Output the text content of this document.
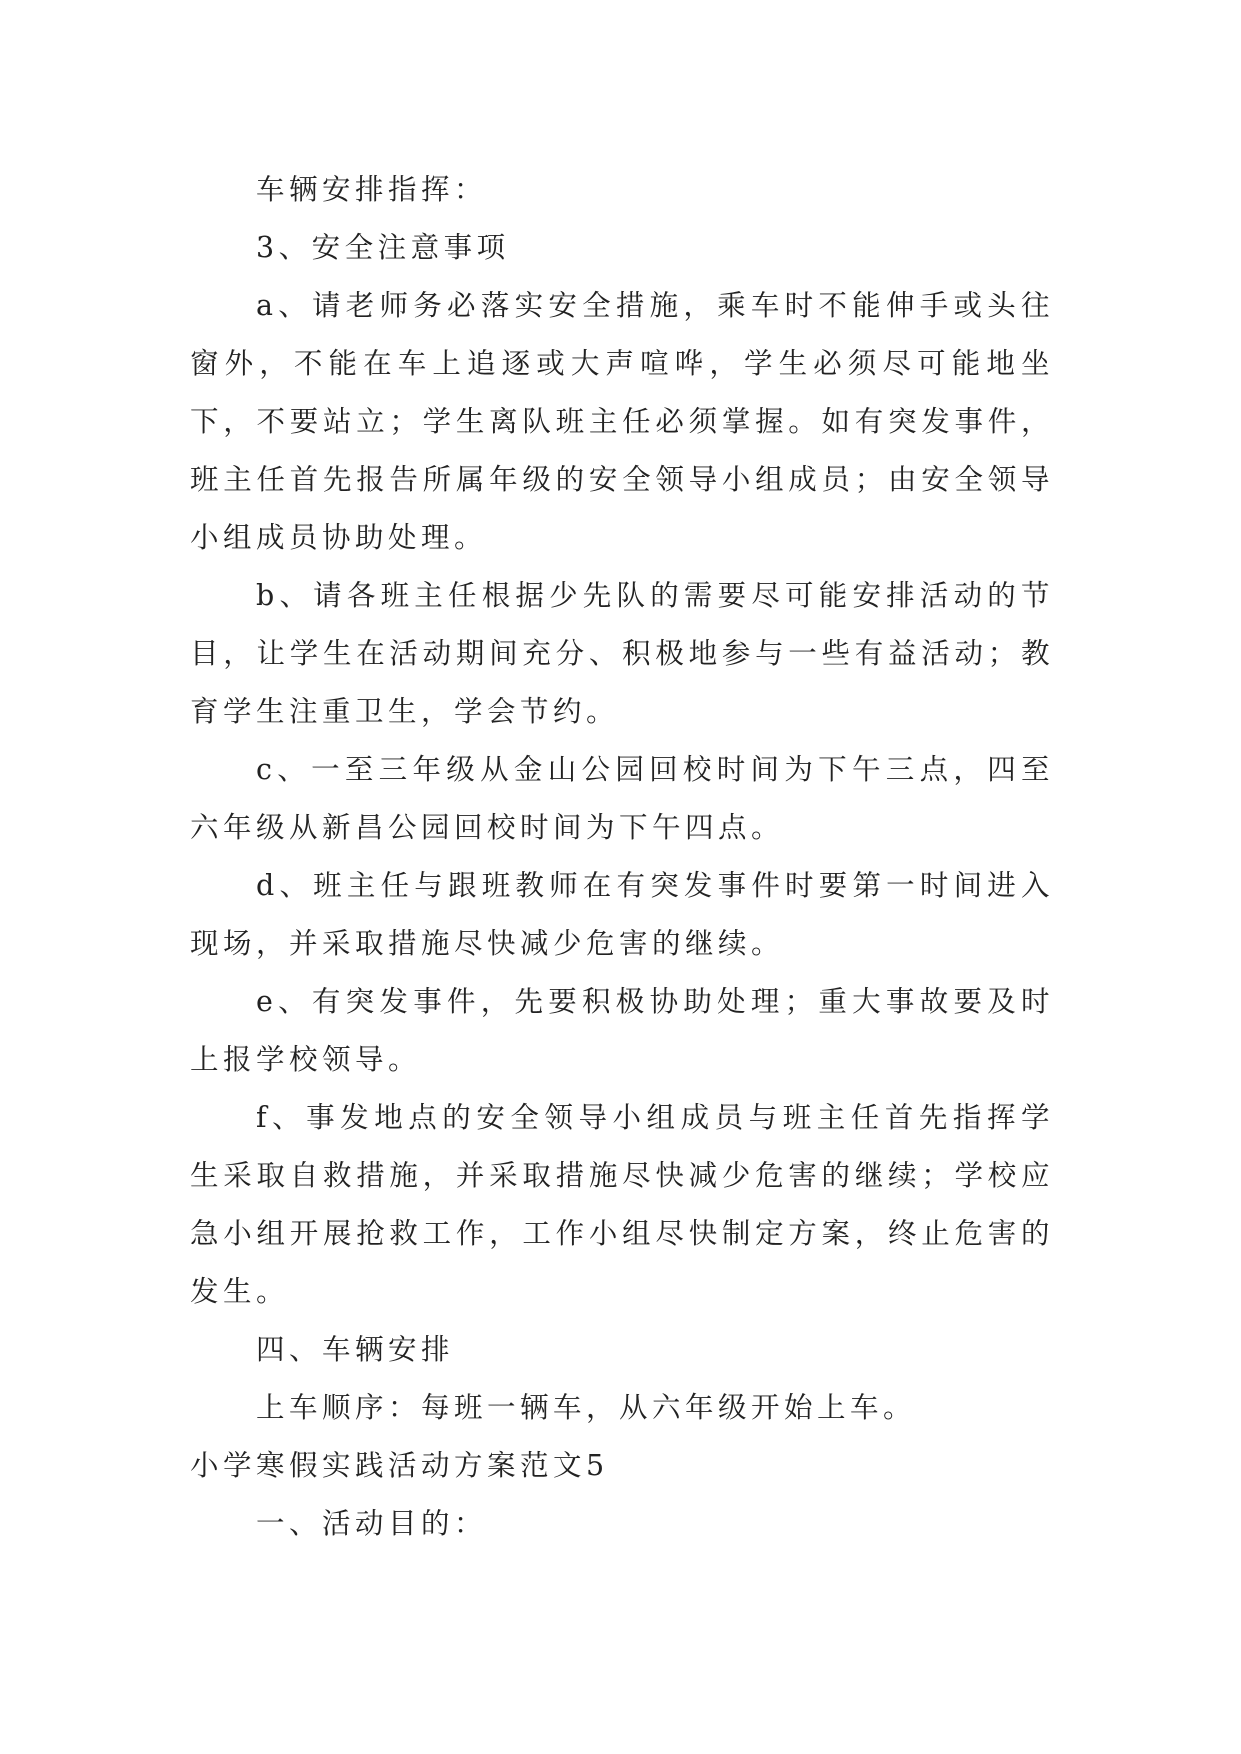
车辆安排指挥：

3、安全注意事项

a、请老师务必落实安全措施，乘车时不能伸手或头往窗外，不能在车上追逐或大声喧哗，学生必须尽可能地坐下，不要站立；学生离队班主任必须掌握。如有突发事件，班主任首先报告所属年级的安全领导小组成员；由安全领导小组成员协助处理。

b、请各班主任根据少先队的需要尽可能安排活动的节目，让学生在活动期间充分、积极地参与一些有益活动；教育学生注重卫生，学会节约。

c、一至三年级从金山公园回校时间为下午三点，四至六年级从新昌公园回校时间为下午四点。

d、班主任与跟班教师在有突发事件时要第一时间进入现场，并采取措施尽快减少危害的继续。

e、有突发事件，先要积极协助处理；重大事故要及时上报学校领导。

f、事发地点的安全领导小组成员与班主任首先指挥学生采取自救措施，并采取措施尽快减少危害的继续；学校应急小组开展抢救工作，工作小组尽快制定方案，终止危害的发生。

四、车辆安排

上车顺序：每班一辆车，从六年级开始上车。

小学寒假实践活动方案范文5

一、活动目的：
